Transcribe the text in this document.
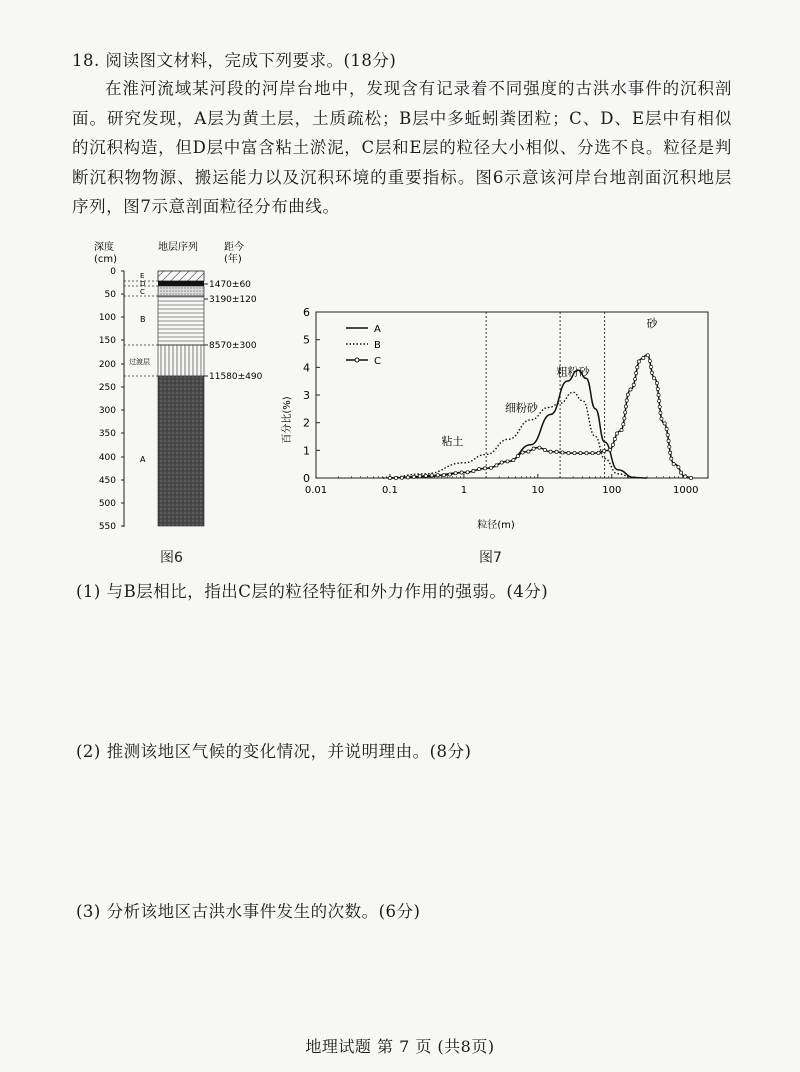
18. 阅读图文材料，完成下列要求。(18分)

在淮河流域某河段的河岸台地中，发现含有记录着不同强度的古洪水事件的沉积剖面。研究发现，A层为黄土层，土质疏松；B层中多蚯蚓粪团粒；C、D、E层中有相似的沉积构造，但D层中富含粘土淤泥，C层和E层的粒径大小相似、分选不良。粒径是判断沉积物物源、搬运能力以及沉积环境的重要指标。图6示意该河岸台地剖面沉积地层序列，图7示意剖面粒径分布曲线。

深度
(cm)
地层序列	距今
(年)
0
50
100
150
200
250
300
350
400
450
500
550
E
D
C
B
过渡层
A
1470±60
3190±120
8570±300
11580±490
图6
百分比(%)
粒径(m)
0
1
2
3
4
5
6
0.01	0.1	1	10	100	1000
粘土
细粉砂
粗粉砂
砂
A
B
C
图7
(1) 与B层相比，指出C层的粒径特征和外力作用的强弱。(4分)
(2) 推测该地区气候的变化情况，并说明理由。(8分)
(3) 分析该地区古洪水事件发生的次数。(6分)
地理试题 第 7 页 (共8页)
